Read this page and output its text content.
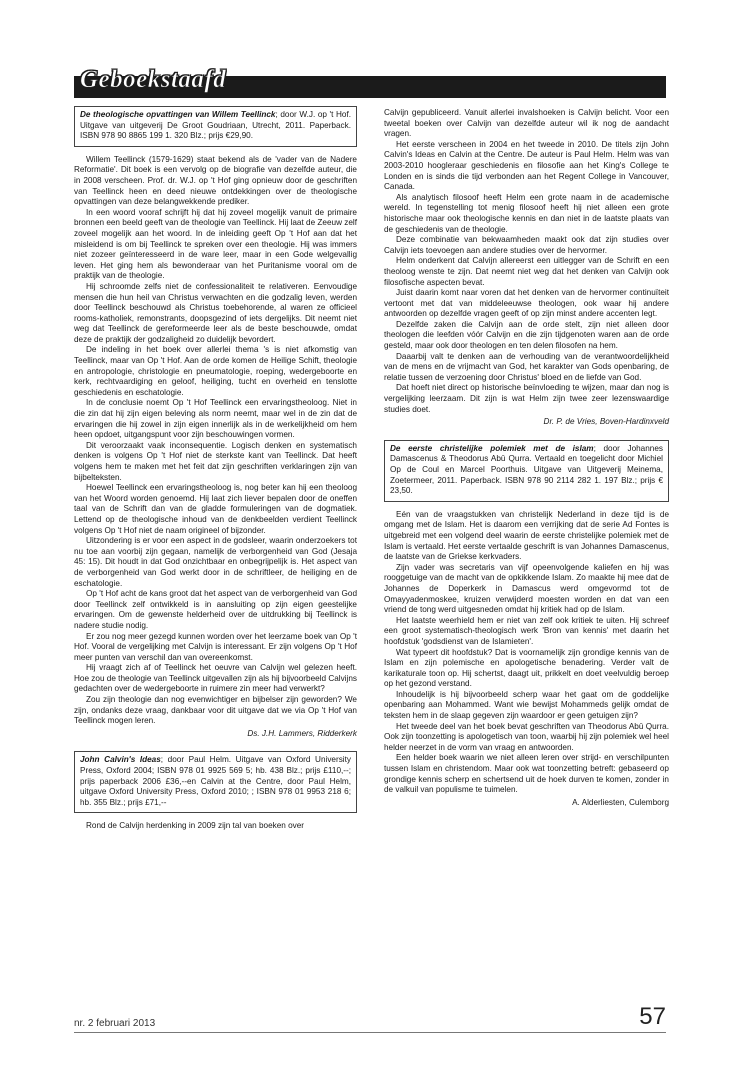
Geboekstaafd
De theologische opvattingen van Willem Teellinck; door W.J. op 't Hof. Uitgave van uitgeverij De Groot Goudriaan, Utrecht, 2011. Paperback. ISBN 978 90 8865 199 1. 320 Blz.; prijs €29,90.

Willem Teellinck (1579-1629) staat bekend als de 'vader van de Nadere Reformatie'. Dit boek is een vervolg op de biografie van dezelfde auteur, die in 2008 verscheen. Prof. dr. W.J. op 't Hof ging opnieuw door de geschriften van Teellinck heen en deed nieuwe ontdekkingen over de theologische opvattingen van deze belangwekkende prediker.

In een woord vooraf schrijft hij dat hij zoveel mogelijk vanuit de primaire bronnen een beeld geeft van de theologie van Teellinck. Hij laat de Zeeuw zelf zoveel mogelijk aan het woord. In de inleiding geeft Op 't Hof aan dat het misleidend is om bij Teellinck te spreken over een theologie. Hij was immers niet zozeer geïnteresseerd in de ware leer, maar in een Gode welgevallig leven. Het ging hem als bewonderaar van het Puritanisme vooral om de praktijk van de theologie.

Hij schroomde zelfs niet de confessionaliteit te relativeren. Eenvoudige mensen die hun heil van Christus verwachten en die godzalig leven, werden door Teellinck beschouwd als Christus toebehorende, al waren ze officieel rooms-katholiek, remonstrants, doopsgezind of iets dergelijks. Dit neemt niet weg dat Teellinck de gereformeerde leer als de beste beschouwde, omdat deze de praktijk der godzaligheid zo duidelijk bevordert.

De indeling in het boek over allerlei thema 's is niet afkomstig van Teellinck, maar van Op 't Hof. Aan de orde komen de Heilige Schift, theologie en antropologie, christologie en pneumatologie, roeping, wedergeboorte en kerk, rechtvaardiging en geloof, heiliging, tucht en overheid en tenslotte geschiedenis en eschatologie.

In de conclusie noemt Op 't Hof Teellinck een ervaringstheoloog. Niet in die zin dat hij zijn eigen beleving als norm neemt, maar wel in de zin dat de ervaringen die hij zowel in zijn eigen innerlijk als in de werkelijkheid om hem heen opdoet, uitgangspunt voor zijn beschouwingen vormen.

Dit veroorzaakt vaak inconsequentie. Logisch denken en systematisch denken is volgens Op 't Hof niet de sterkste kant van Teellinck. Dat heeft volgens hem te maken met het feit dat zijn geschriften verklaringen zijn van bijbelteksten.

Hoewel Teellinck een ervaringstheoloog is, nog beter kan hij een theoloog van het Woord worden genoemd. Hij laat zich liever bepalen door de oneffen taal van de Schrift dan van de gladde formuleringen van de dogmatiek. Lettend op de theologische inhoud van de denkbeelden verdient Teellinck volgens Op 't Hof niet de naam origineel of bijzonder.

Uitzondering is er voor een aspect in de godsleer, waarin onderzoekers tot nu toe aan voorbij zijn gegaan, namelijk de verborgenheid van God (Jesaja 45: 15). Dit houdt in dat God onzichtbaar en onbegrijpelijk is. Het aspect van de verborgenheid van God werkt door in de schriftleer, de heiliging en de eschatologie.

Op 't Hof acht de kans groot dat het aspect van de verborgenheid van God door Teellinck zelf ontwikkeld is in aansluiting op zijn eigen geestelijke ervaringen. Om de gewenste helderheid over de uitdrukking bij Teellinck is nadere studie nodig.

Er zou nog meer gezegd kunnen worden over het leerzame boek van Op 't Hof. Vooral de vergelijking met Calvijn is interessant. Er zijn volgens Op 't Hof meer punten van verschil dan van overeenkomst.

Hij vraagt zich af of Teellinck het oeuvre van Calvijn wel gelezen heeft. Hoe zou de theologie van Teellinck uitgevallen zijn als hij bijvoorbeeld Calvijns gedachten over de wedergeboorte in ruimere zin meer had verwerkt?

Zou zijn theologie dan nog evenwichtiger en bijbelser zijn geworden? We zijn, ondanks deze vraag, dankbaar voor dit uitgave dat we via Op 't Hof van Teellinck mogen leren.

Ds. J.H. Lammers, Ridderkerk
John Calvin's Ideas; door Paul Helm. Uitgave van Oxford University Press, Oxford 2004; ISBN 978 01 9925 569 5; hb. 438 Blz.; prijs £110,--; prijs paperback 2006 £36,--en Calvin at the Centre, door Paul Helm, uitgave Oxford University Press, Oxford 2010; ; ISBN 978 01 9953 218 6; hb. 355 Blz.; prijs £71,--

Rond de Calvijn herdenking in 2009 zijn tal van boeken over

Calvijn gepubliceerd. Vanuit allerlei invalshoeken is Calvijn belicht. Voor een tweetal boeken over Calvijn van dezelfde auteur wil ik nog de aandacht vragen.

Het eerste verscheen in 2004 en het tweede in 2010. De titels zijn John Calvin's Ideas en Calvin at the Centre. De auteur is Paul Helm. Helm was van 2003-2010 hoogleraar geschiedenis en filosofie aan het King's College te Londen en is sinds die tijd verbonden aan het Regent College in Vancouver, Canada.

Als analytisch filosoof heeft Helm een grote naam in de academische wereld. In tegenstelling tot menig filosoof heeft hij niet alleen een grote historische maar ook theologische kennis en dan niet in de laatste plaats van de geschiedenis van de theologie.

Deze combinatie van bekwaamheden maakt ook dat zijn studies over Calvijn iets toevoegen aan andere studies over de hervormer.

Helm onderkent dat Calvijn allereerst een uitlegger van de Schrift en een theoloog wenste te zijn. Dat neemt niet weg dat het denken van Calvijn ook filosofische aspecten bevat.

Juist daarin komt naar voren dat het denken van de hervormer continuïteit vertoont met dat van middeleeuwse theologen, ook waar hij andere antwoorden op dezelfde vragen geeft of op zijn minst andere accenten legt.

Dezelfde zaken die Calvijn aan de orde stelt, zijn niet alleen door theologen die leefden vóór Calvijn en die zijn tijdgenoten waren aan de orde gesteld, maar ook door theologen en ten delen filosofen na hem.

Daaarbij valt te denken aan de verhouding van de verantwoordelijkheid van de mens en de vrijmacht van God, het karakter van Gods openbaring, de relatie tussen de verzoening door Christus' bloed en de liefde van God.

Dat hoeft niet direct op historische beïnvloeding te wijzen, maar dan nog is vergelijking leerzaam. Dit zijn is wat Helm zijn twee zeer lezenswaardige studies doet.

Dr. P. de Vries, Boven-Hardinxveld
De eerste christelijke polemiek met de islam; door Johannes Damascenus & Theodorus Abū Qurra. Vertaald en toegelicht door Michiel Op de Coul en Marcel Poorthuis. Uitgave van Uitgeverij Meinema, Zoetermeer, 2011. Paperback. ISBN 978 90 2114 282 1. 197 Blz.; prijs € 23,50.

Eén van de vraagstukken van christelijk Nederland in deze tijd is de omgang met de Islam. Het is daarom een verrijking dat de serie Ad Fontes is uitgebreid met een volgend deel waarin de eerste christelijke polemiek met de Islam is vertaald. Het eerste vertaalde geschrift is van Johannes Damascenus, de laatste van de Griekse kerkvaders.

Zijn vader was secretaris van vijf opeenvolgende kaliefen en hij was rooggetuige van de macht van de opkikkende Islam. Zo maakte hij mee dat de Johannes de Doperkerk in Damascus werd omgevormd tot de Omayyadenmoskee, kruizen verwijderd moesten worden en dat van een vriend de tong werd uitgesneden omdat hij kritiek had op de Islam.

Het laatste weerhield hem er niet van zelf ook kritiek te uiten. Hij schreef een groot systematisch-theologisch werk 'Bron van kennis' met daarin het hoofdstuk 'godsdienst van de Islamieten'.

Wat typeert dit hoofdstuk? Dat is voornamelijk zijn grondige kennis van de Islam en zijn polemische en apologetische benadering. Verder valt de karikaturale toon op. Hij schertst, daagt uit, prikkelt en doet veelvuldig beroep op het gezond verstand.

Inhoudelijk is hij bijvoorbeeld scherp waar het gaat om de goddelijke openbaring aan Mohammed. Want wie bewijst Mohammeds gelijk omdat de teksten hem in de slaap gegeven zijn waardoor er geen getuigen zijn?

Het tweede deel van het boek bevat geschriften van Theodorus Abū Qurra. Ook zijn toonzetting is apologetisch van toon, waarbij hij zijn polemiek wel heel helder neerzet in de vorm van vraag en antwoorden.

Een helder boek waarin we niet alleen leren over strijd- en verschilpunten tussen Islam en christendom. Maar ook wat toonzetting betreft: gebaseerd op grondige kennis scherp en schertsend uit de hoek durven te komen, zonder in de valkuil van populisme te tuimelen.

A. Alderliesten, Culemborg
nr. 2 februari 2013	57
